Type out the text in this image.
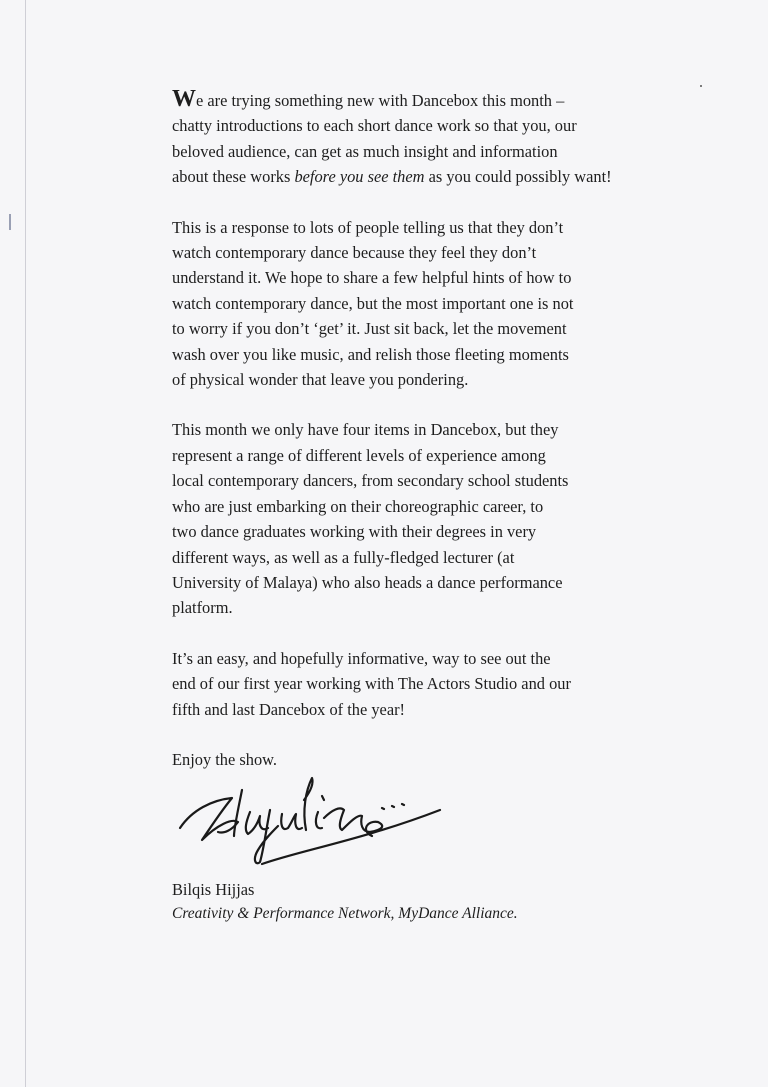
We are trying something new with Dancebox this month –
chatty introductions to each short dance work so that you, our
beloved audience, can get as much insight and information
about these works before you see them as you could possibly want!

This is a response to lots of people telling us that they don’t
watch contemporary dance because they feel they don’t
understand it. We hope to share a few helpful hints of how to
watch contemporary dance, but the most important one is not
to worry if you don’t ‘get’ it. Just sit back, let the movement
wash over you like music, and relish those fleeting moments
of physical wonder that leave you pondering.

This month we only have four items in Dancebox, but they
represent a range of different levels of experience among
local contemporary dancers, from secondary school students
who are just embarking on their choreographic career, to
two dance graduates working with their degrees in very
different ways, as well as a fully-fledged lecturer (at
University of Malaya) who also heads a dance performance
platform.

It’s an easy, and hopefully informative, way to see out the
end of our first year working with The Actors Studio and our
fifth and last Dancebox of the year!

Enjoy the show.

Bilqis Hijjas
Creativity & Performance Network, MyDance Alliance.
